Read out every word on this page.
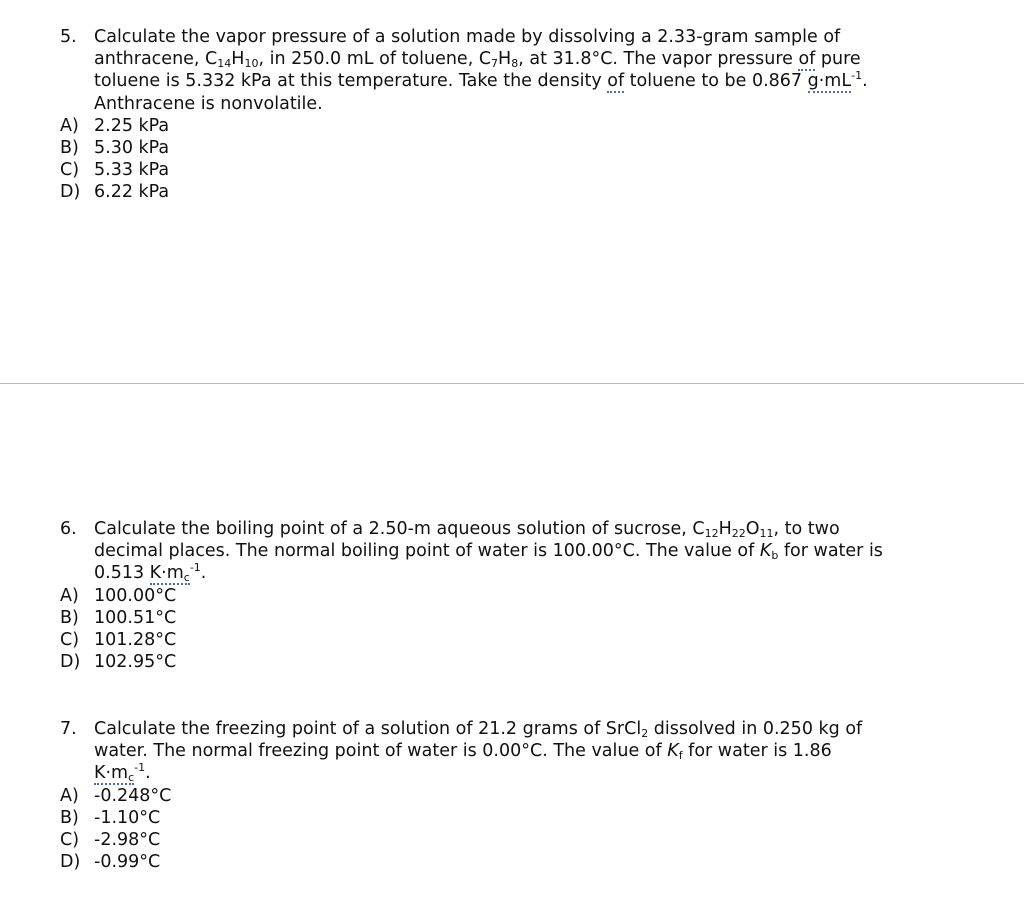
5. Calculate the vapor pressure of a solution made by dissolving a 2.33-gram sample of
anthracene, $C_{14}H_{10}$, in 250.0 mL of toluene, $C_7H_8$, at 31.8°C. The vapor pressure of pure
toluene is 5.332 kPa at this temperature. Take the density of toluene to be 0.867 $g\cdot mL^{-1}$.
Anthracene is nonvolatile.
A) 2.25 kPa
B) 5.30 kPa
C) 5.33 kPa
D) 6.22 kPa
6. Calculate the boiling point of a 2.50-m aqueous solution of sucrose, $C_{12}H_{22}O_{11}$, to two
decimal places. The normal boiling point of water is 100.00°C. The value of $K_b$ for water is
0.513 $K\cdot m_c^{-1}$.
A) 100.00°C
B) 100.51°C
C) 101.28°C
D) 102.95°C
7. Calculate the freezing point of a solution of 21.2 grams of SrCl$_2$ dissolved in 0.250 kg of
water. The normal freezing point of water is 0.00°C. The value of $K_f$ for water is 1.86
$K\cdot m_c^{-1}$.
A) -0.248°C
B) -1.10°C
C) -2.98°C
D) -0.99°C
